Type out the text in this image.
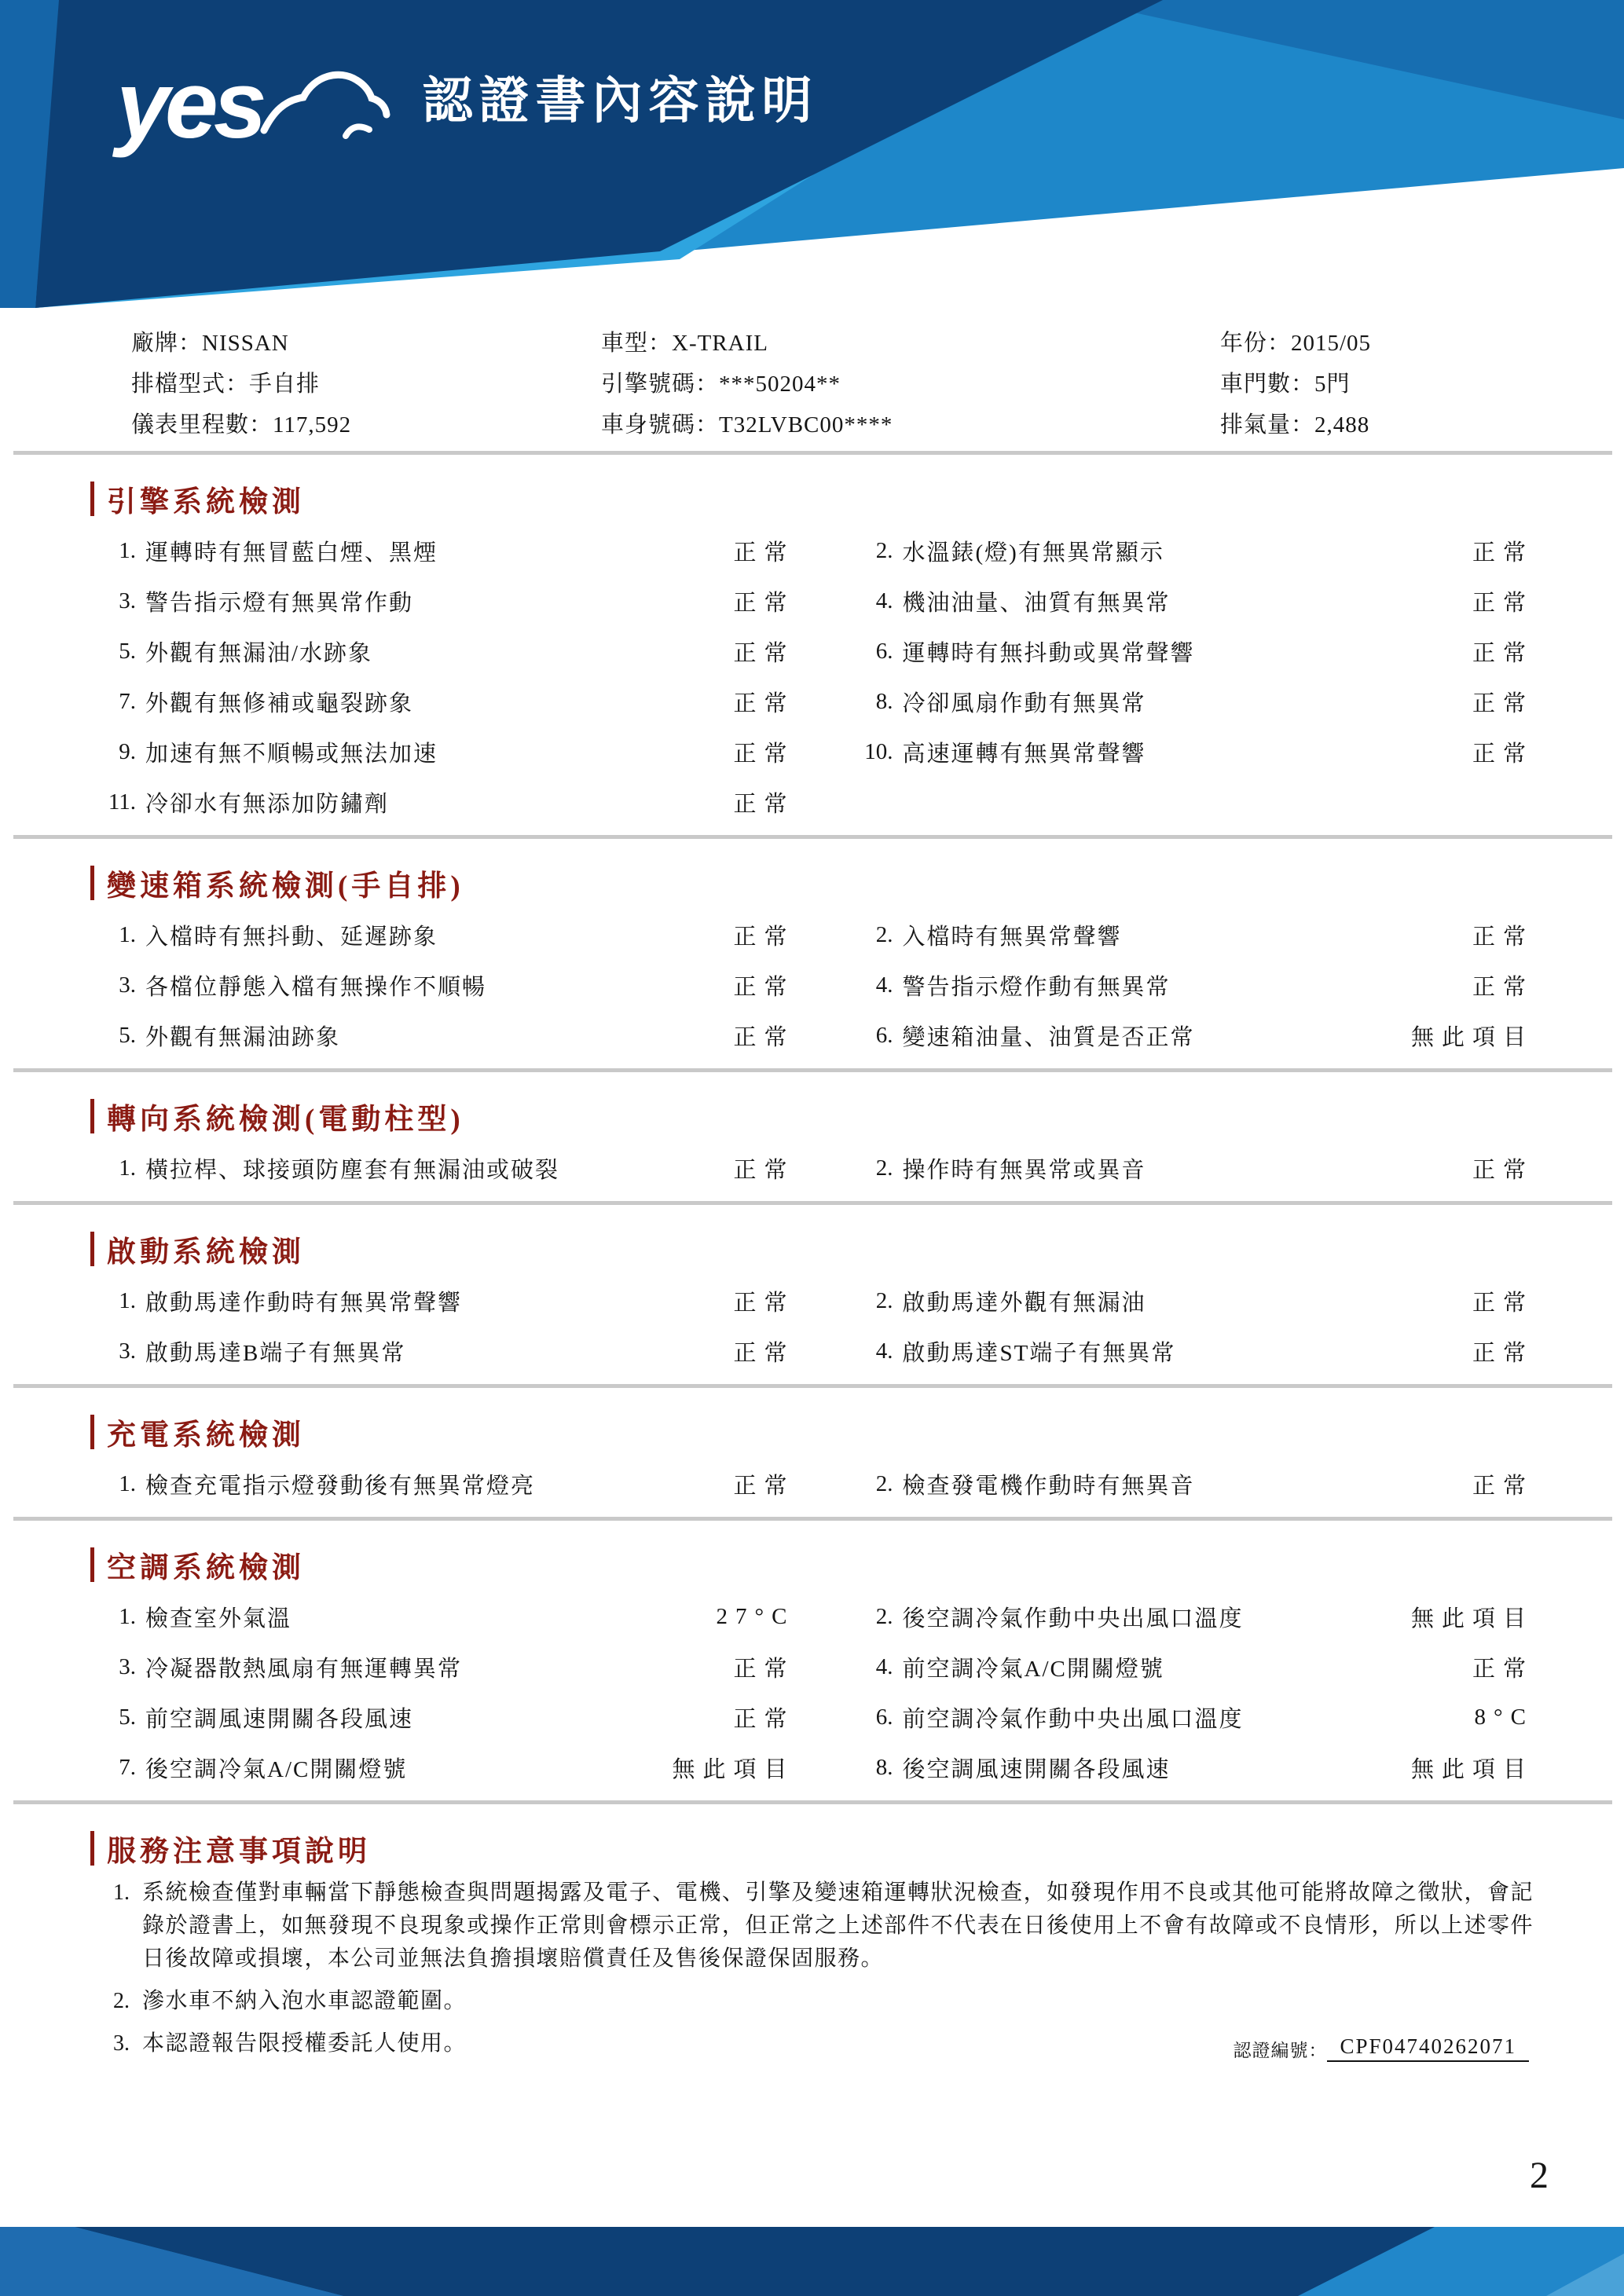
yes	認證書內容說明
廠牌：NISSAN	車型：X-TRAIL	年份：2015/05
排檔型式：手自排	引擎號碼：***50204**	車門數：5門
儀表里程數：117,592	車身號碼：T32LVBC00****	排氣量：2,488
引擎系統檢測
1. 運轉時有無冒藍白煙、黑煙	正常	2. 水溫錶(燈)有無異常顯示	正常
3. 警告指示燈有無異常作動	正常	4. 機油油量、油質有無異常	正常
5. 外觀有無漏油/水跡象	正常	6. 運轉時有無抖動或異常聲響	正常
7. 外觀有無修補或龜裂跡象	正常	8. 冷卻風扇作動有無異常	正常
9. 加速有無不順暢或無法加速	正常	10. 高速運轉有無異常聲響	正常
11. 冷卻水有無添加防鏽劑	正常
變速箱系統檢測(手自排)
1. 入檔時有無抖動、延遲跡象	正常	2. 入檔時有無異常聲響	正常
3. 各檔位靜態入檔有無操作不順暢	正常	4. 警告指示燈作動有無異常	正常
5. 外觀有無漏油跡象	正常	6. 變速箱油量、油質是否正常	無此項目
轉向系統檢測(電動柱型)
1. 橫拉桿、球接頭防塵套有無漏油或破裂	正常	2. 操作時有無異常或異音	正常
啟動系統檢測
1. 啟動馬達作動時有無異常聲響	正常	2. 啟動馬達外觀有無漏油	正常
3. 啟動馬達B端子有無異常	正常	4. 啟動馬達ST端子有無異常	正常
充電系統檢測
1. 檢查充電指示燈發動後有無異常燈亮	正常	2. 檢查發電機作動時有無異音	正常
空調系統檢測
1. 檢查室外氣溫	27°C	2. 後空調冷氣作動中央出風口溫度	無此項目
3. 冷凝器散熱風扇有無運轉異常	正常	4. 前空調冷氣A/C開關燈號	正常
5. 前空調風速開關各段風速	正常	6. 前空調冷氣作動中央出風口溫度	8°C
7. 後空調冷氣A/C開關燈號	無此項目	8. 後空調風速開關各段風速	無此項目
服務注意事項說明
1. 系統檢查僅對車輛當下靜態檢查與問題揭露及電子、電機、引擎及變速箱運轉狀況檢查，如發現作用不良或其他可能將故障之徵狀，會記錄於證書上，如無發現不良現象或操作正常則會標示正常，但正常之上述部件不代表在日後使用上不會有故障或不良情形，所以上述零件日後故障或損壞，本公司並無法負擔損壞賠償責任及售後保證保固服務。
2. 滲水車不納入泡水車認證範圍。
3. 本認證報告限授權委託人使用。	認證編號： CPF04740262071
2
